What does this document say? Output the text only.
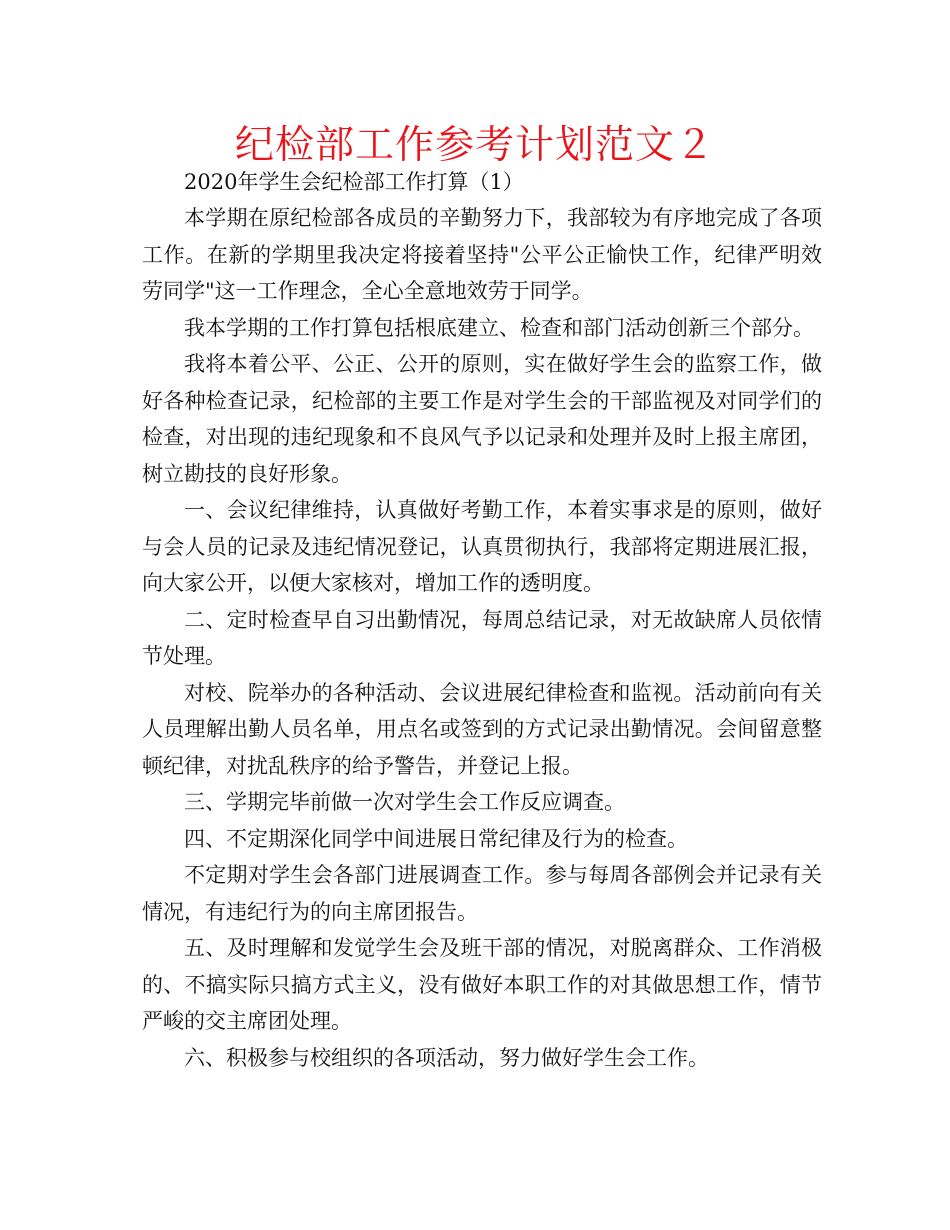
纪检部工作参考计划范文２

2020年学生会纪检部工作打算（1）

本学期在原纪检部各成员的辛勤努力下，我部较为有序地完成了各项工作。在新的学期里我决定将接着坚持"公平公正愉快工作，纪律严明效劳同学"这一工作理念，全心全意地效劳于同学。

我本学期的工作打算包括根底建立、检查和部门活动创新三个部分。

我将本着公平、公正、公开的原则，实在做好学生会的监察工作，做好各种检查记录，纪检部的主要工作是对学生会的干部监视及对同学们的检查，对出现的违纪现象和不良风气予以记录和处理并及时上报主席团，树立勘技的良好形象。

一、会议纪律维持，认真做好考勤工作，本着实事求是的原则，做好与会人员的记录及违纪情况登记，认真贯彻执行，我部将定期进展汇报，向大家公开，以便大家核对，增加工作的透明度。

二、定时检查早自习出勤情况，每周总结记录，对无故缺席人员依情节处理。

对校、院举办的各种活动、会议进展纪律检查和监视。活动前向有关人员理解出勤人员名单，用点名或签到的方式记录出勤情况。会间留意整顿纪律，对扰乱秩序的给予警告，并登记上报。

三、学期完毕前做一次对学生会工作反应调查。

四、不定期深化同学中间进展日常纪律及行为的检查。

不定期对学生会各部门进展调查工作。参与每周各部例会并记录有关情况，有违纪行为的向主席团报告。

五、及时理解和发觉学生会及班干部的情况，对脱离群众、工作消极的、不搞实际只搞方式主义，没有做好本职工作的对其做思想工作，情节严峻的交主席团处理。

六、积极参与校组织的各项活动，努力做好学生会工作。
